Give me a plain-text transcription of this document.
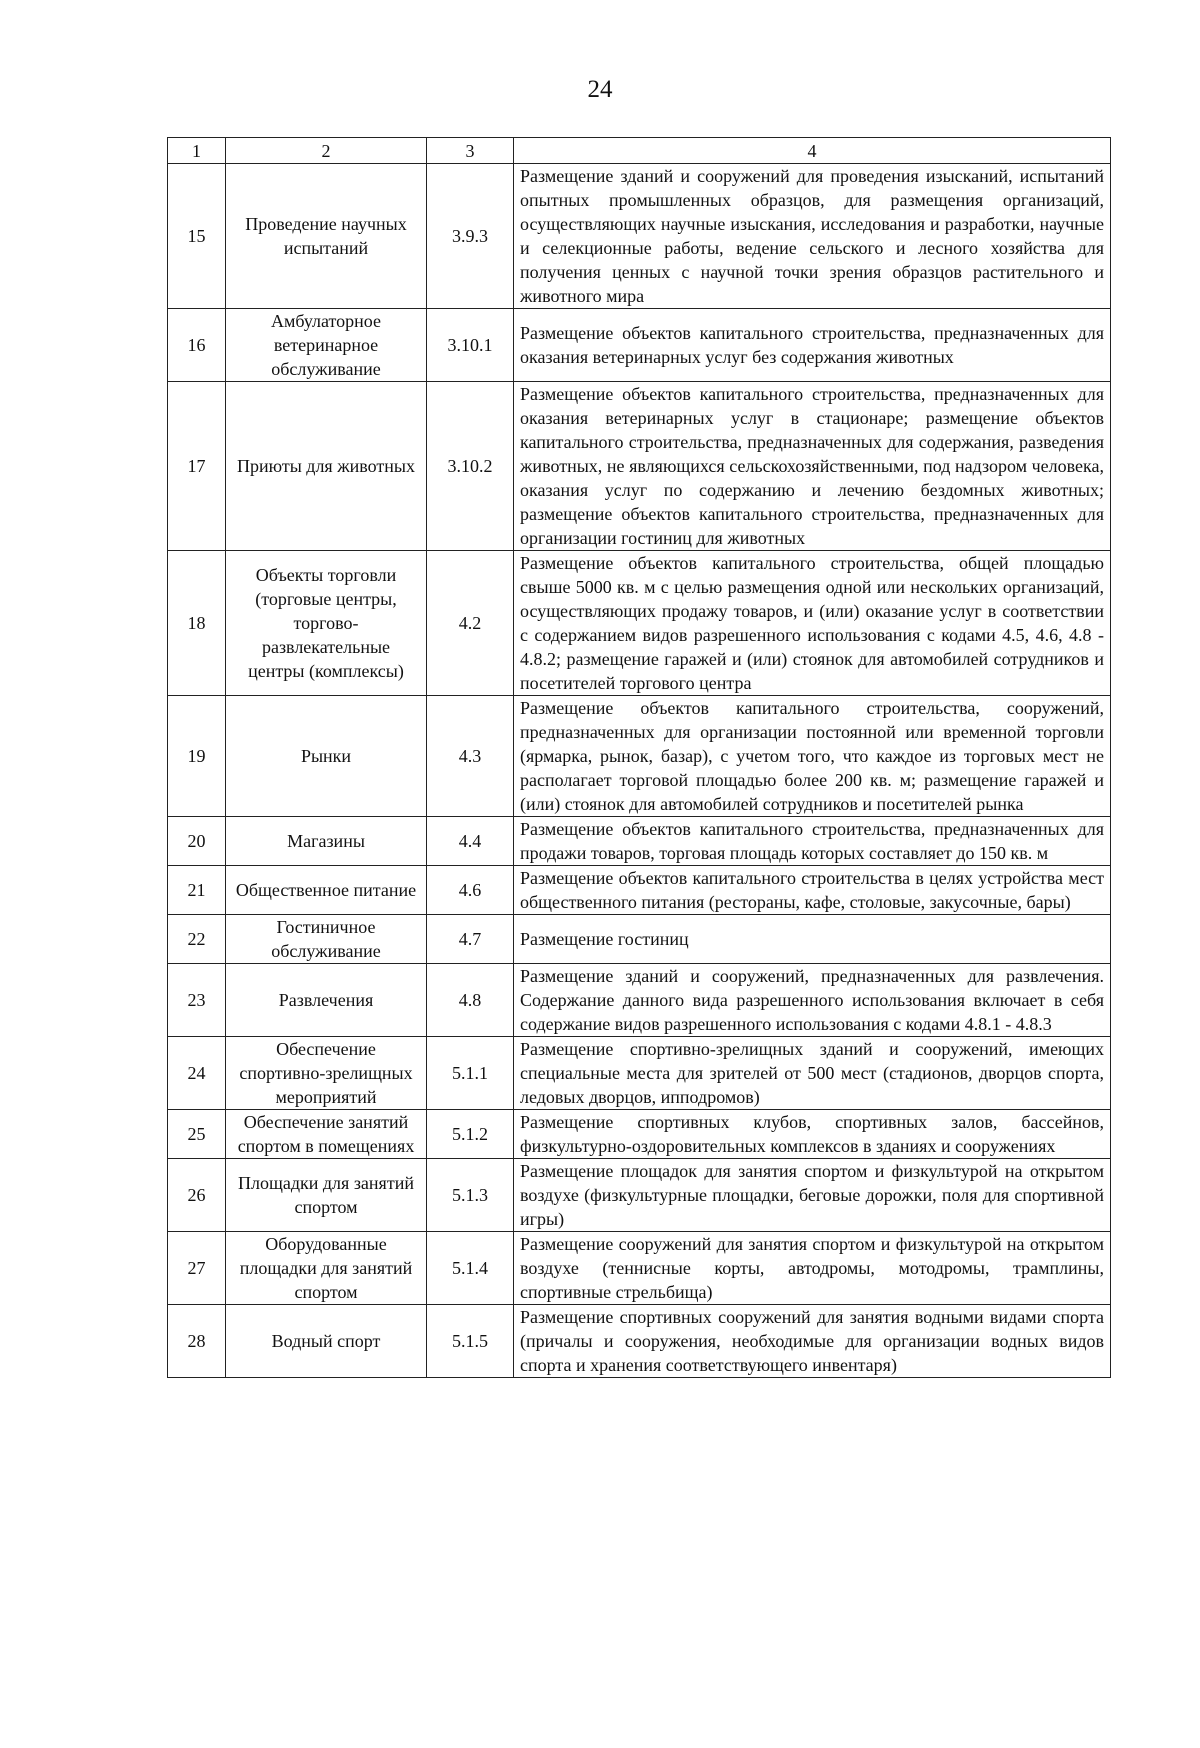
24
1	2	3	4
15	Проведение научных испытаний	3.9.3	Размещение зданий и сооружений для проведения изысканий, испытаний опытных промышленных образцов, для размещения организаций, осуществляющих научные изыскания, исследования и разработки, научные и селекционные работы, ведение сельского и лесного хозяйства для получения ценных с научной точки зрения образцов растительного и животного мира
16	Амбулаторное ветеринарное обслуживание	3.10.1	Размещение объектов капитального строительства, предназначенных для оказания ветеринарных услуг без содержания животных
17	Приюты для животных	3.10.2	Размещение объектов капитального строительства, предназначенных для оказания ветеринарных услуг в стационаре; размещение объектов капитального строительства, предназначенных для содержания, разведения животных, не являющихся сельскохозяйственными, под надзором человека, оказания услуг по содержанию и лечению бездомных животных; размещение объектов капитального строительства, предназначенных для организации гостиниц для животных
18	Объекты торговли (торговые центры, торгово-развлекательные центры (комплексы)	4.2	Размещение объектов капитального строительства, общей площадью свыше 5000 кв. м с целью размещения одной или нескольких организаций, осуществляющих продажу товаров, и (или) оказание услуг в соответствии с содержанием видов разрешенного использования с кодами 4.5, 4.6, 4.8 - 4.8.2; размещение гаражей и (или) стоянок для автомобилей сотрудников и посетителей торгового центра
19	Рынки	4.3	Размещение объектов капитального строительства, сооружений, предназначенных для организации постоянной или временной торговли (ярмарка, рынок, базар), с учетом того, что каждое из торговых мест не располагает торговой площадью более 200 кв. м; размещение гаражей и (или) стоянок для автомобилей сотрудников и посетителей рынка
20	Магазины	4.4	Размещение объектов капитального строительства, предназначенных для продажи товаров, торговая площадь которых составляет до 150 кв. м
21	Общественное питание	4.6	Размещение объектов капитального строительства в целях устройства мест общественного питания (рестораны, кафе, столовые, закусочные, бары)
22	Гостиничное обслуживание	4.7	Размещение гостиниц
23	Развлечения	4.8	Размещение зданий и сооружений, предназначенных для развлечения. Содержание данного вида разрешенного использования включает в себя содержание видов разрешенного использования с кодами 4.8.1 - 4.8.3
24	Обеспечение спортивно-зрелищных мероприятий	5.1.1	Размещение спортивно-зрелищных зданий и сооружений, имеющих специальные места для зрителей от 500 мест (стадионов, дворцов спорта, ледовых дворцов, ипподромов)
25	Обеспечение занятий спортом в помещениях	5.1.2	Размещение спортивных клубов, спортивных залов, бассейнов, физкультурно-оздоровительных комплексов в зданиях и сооружениях
26	Площадки для занятий спортом	5.1.3	Размещение площадок для занятия спортом и физкультурой на открытом воздухе (физкультурные площадки, беговые дорожки, поля для спортивной игры)
27	Оборудованные площадки для занятий спортом	5.1.4	Размещение сооружений для занятия спортом и физкультурой на открытом воздухе (теннисные корты, автодромы, мотодромы, трамплины, спортивные стрельбища)
28	Водный спорт	5.1.5	Размещение спортивных сооружений для занятия водными видами спорта (причалы и сооружения, необходимые для организации водных видов спорта и хранения соответствующего инвентаря)
